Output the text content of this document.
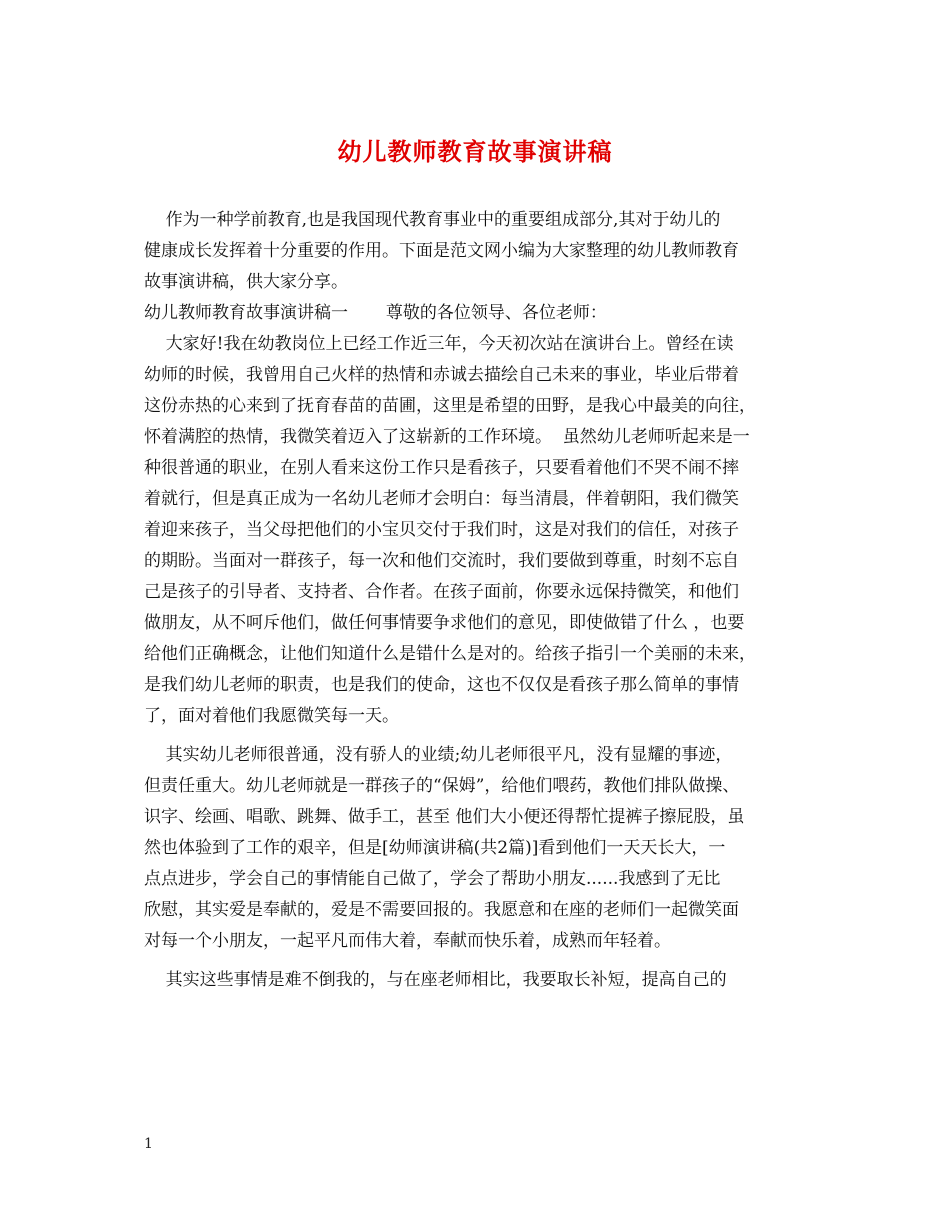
幼儿教师教育故事演讲稿
作为一种学前教育,也是我国现代教育事业中的重要组成部分,其对于幼儿的
健康成长发挥着十分重要的作用。下面是范文网小编为大家整理的幼儿教师教育
故事演讲稿，供大家分享。
幼儿教师教育故事演讲稿一       尊敬的各位领导、各位老师：
大家好!我在幼教岗位上已经工作近三年，今天初次站在演讲台上。曾经在读
幼师的时候，我曾用自己火样的热情和赤诚去描绘自己未来的事业，毕业后带着
这份赤热的心来到了抚育春苗的苗圃，这里是希望的田野，是我心中最美的向往，
怀着满腔的热情，我微笑着迈入了这崭新的工作环境。  虽然幼儿老师听起来是一
种很普通的职业，在别人看来这份工作只是看孩子，只要看着他们不哭不闹不摔
着就行，但是真正成为一名幼儿老师才会明白：每当清晨，伴着朝阳，我们微笑
着迎来孩子，当父母把他们的小宝贝交付于我们时，这是对我们的信任，对孩子
的期盼。当面对一群孩子，每一次和他们交流时，我们要做到尊重，时刻不忘自
己是孩子的引导者、支持者、合作者。在孩子面前，你要永远保持微笑，和他们
做朋友，从不呵斥他们，做任何事情要争求他们的意见，即使做错了什么 ，也要
给他们正确概念，让他们知道什么是错什么是对的。给孩子指引一个美丽的未来，
是我们幼儿老师的职责，也是我们的使命，这也不仅仅是看孩子那么简单的事情
了，面对着他们我愿微笑每一天。
其实幼儿老师很普通，没有骄人的业绩;幼儿老师很平凡，没有显耀的事迹，
但责任重大。幼儿老师就是一群孩子的“保姆”，给他们喂药，教他们排队做操、
识字、绘画、唱歌、跳舞、做手工，甚至 他们大小便还得帮忙提裤子擦屁股，虽
然也体验到了工作的艰辛，但是[幼师演讲稿(共2篇)]看到他们一天天长大，一
点点进步，学会自己的事情能自己做了，学会了帮助小朋友......我感到了无比
欣慰，其实爱是奉献的，爱是不需要回报的。我愿意和在座的老师们一起微笑面
对每一个小朋友，一起平凡而伟大着，奉献而快乐着，成熟而年轻着。
其实这些事情是难不倒我的，与在座老师相比，我要取长补短，提高自己的
1
